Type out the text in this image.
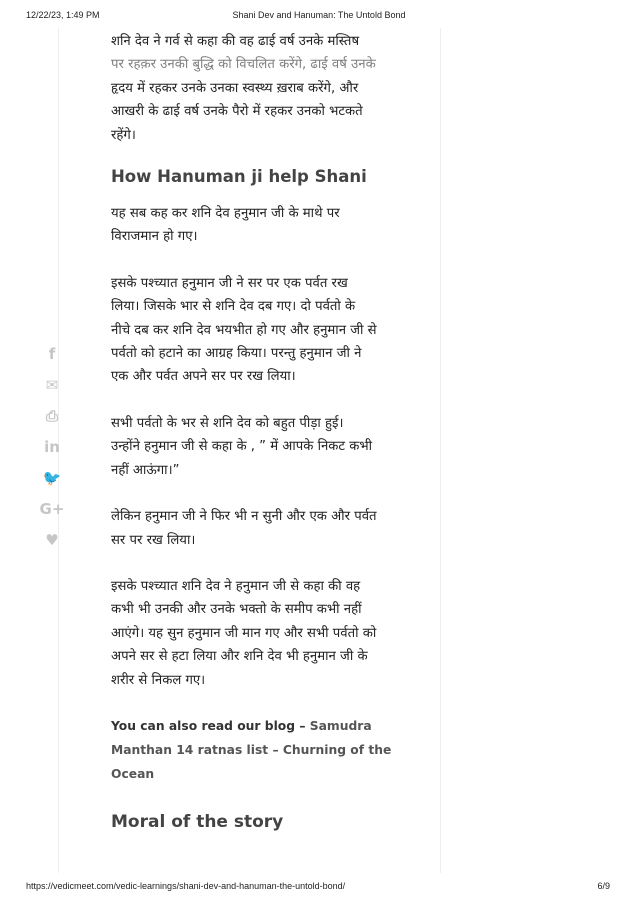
12/22/23, 1:49 PM	Shani Dev and Hanuman: The Untold Bond
f
✉
⎙
in
🐦
G+
♥

शनि देव ने गर्व से कहा की वह ढाई वर्ष उनके मस्तिष
पर रहक़र उनकी बुद्धि को विचलित करेंगे, ढाई वर्ष उनके
हृदय में रहकर उनके उनका स्वस्थ्य ख़राब करेंगे, और
आखरी के ढाई वर्ष उनके पैरो में रहकर उनको भटकते
रहेंगे।

How Hanuman ji help Shani

यह सब कह कर शनि देव हनुमान जी के माथे पर
विराजमान हो गए।

इसके पश्च्यात हनुमान जी ने सर पर एक पर्वत रख
लिया। जिसके भार से शनि देव दब गए। दो पर्वतो के
नीचे दब कर शनि देव भयभीत हो गए और हनुमान जी से
पर्वतो को हटाने का आग्रह किया। परन्तु हनुमान जी ने
एक और पर्वत अपने सर पर रख लिया।

सभी पर्वतो के भर से शनि देव को बहुत पीड़ा हुई।
उन्होंने हनुमान जी से कहा के , ” में आपके निकट कभी
नहीं आऊंगा।”

लेकिन हनुमान जी ने फिर भी न सुनी और एक और पर्वत
सर पर रख लिया।

इसके पश्च्यात शनि देव ने हनुमान जी से कहा की वह
कभी भी उनकी और उनके भक्तो के समीप कभी नहीं
आएंगे। यह सुन हनुमान जी मान गए और सभी पर्वतो को
अपने सर से हटा लिया और शनि देव भी हनुमान जी के
शरीर से निकल गए।

You can also read our blog – Samudra Manthan 14 ratnas list – Churning of the Ocean

Moral of the story
https://vedicmeet.com/vedic-learnings/shani-dev-and-hanuman-the-untold-bond/	6/9
